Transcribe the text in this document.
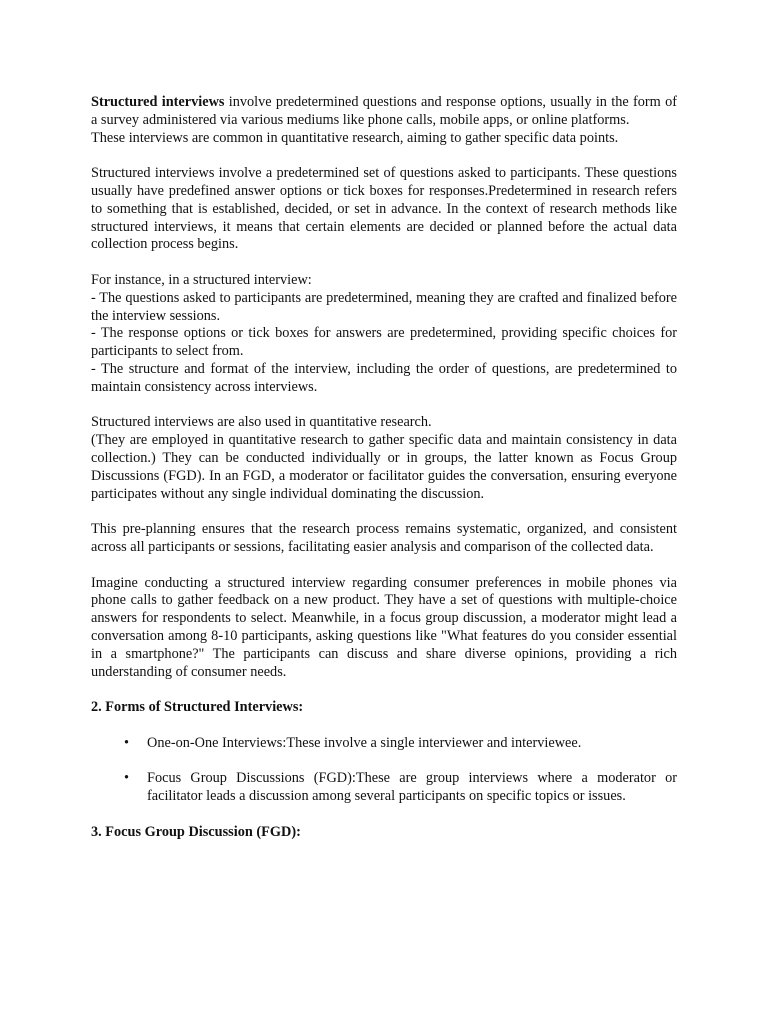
Structured interviews involve predetermined questions and response options, usually in the form of a survey administered via various mediums like phone calls, mobile apps, or online platforms.

These interviews are common in quantitative research, aiming to gather specific data points.

Structured interviews involve a predetermined set of questions asked to participants. These questions usually have predefined answer options or tick boxes for responses.Predetermined in research refers to something that is established, decided, or set in advance. In the context of research methods like structured interviews, it means that certain elements are decided or planned before the actual data collection process begins.

For instance, in a structured interview:

- The questions asked to participants are predetermined, meaning they are crafted and finalized before the interview sessions.

- The response options or tick boxes for answers are predetermined, providing specific choices for participants to select from.

- The structure and format of the interview, including the order of questions, are predetermined to maintain consistency across interviews.

Structured interviews are also used in quantitative research.

(They are employed in quantitative research to gather specific data and maintain consistency in data collection.) They can be conducted individually or in groups, the latter known as Focus Group Discussions (FGD). In an FGD, a moderator or facilitator guides the conversation, ensuring everyone participates without any single individual dominating the discussion.

This pre-planning ensures that the research process remains systematic, organized, and consistent across all participants or sessions, facilitating easier analysis and comparison of the collected data.

Imagine conducting a structured interview regarding consumer preferences in mobile phones via phone calls to gather feedback on a new product. They have a set of questions with multiple-choice answers for respondents to select. Meanwhile, in a focus group discussion, a moderator might lead a conversation among 8-10 participants, asking questions like "What features do you consider essential in a smartphone?" The participants can discuss and share diverse opinions, providing a rich understanding of consumer needs.

2. Forms of Structured Interviews:

• One-on-One Interviews:These involve a single interviewer and interviewee.
• Focus Group Discussions (FGD):These are group interviews where a moderator or facilitator leads a discussion among several participants on specific topics or issues.

3. Focus Group Discussion (FGD):
